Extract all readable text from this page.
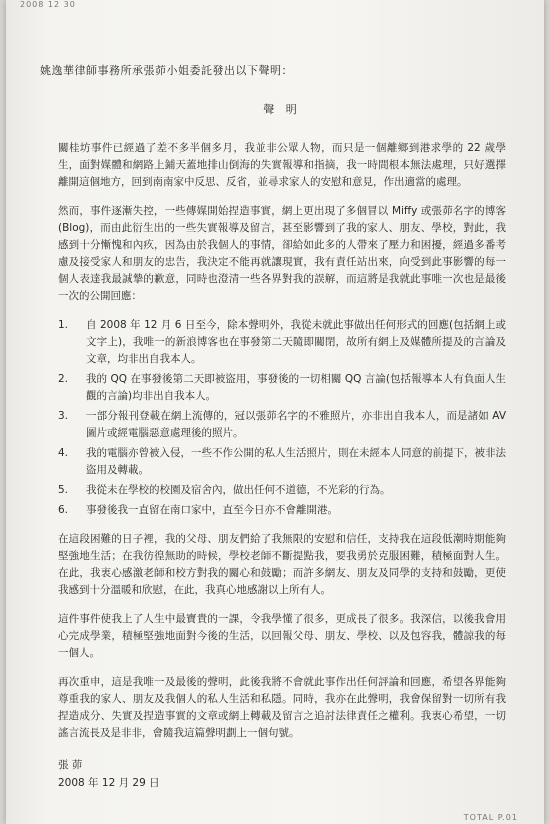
2008 12 30
姚逸華律師事務所承張茆小姐委託發出以下聲明：
聲 明

關桂坊事件已經過了差不多半個多月，我並非公眾人物，而只是一個離鄉到港求學的 22 歲學生，面對媒體和網路上鋪天蓋地排山倒海的失實報導和指摘，我一時間根本無法處理，只好選擇離開這個地方，回到南南家中反思、反省，並尋求家人的安慰和意見，作出適當的處理。

然而，事件逐漸失控，一些傳媒開始捏造事實，網上更出現了多個冒以 Miffy 或張茆名字的博客(Blog)，而由此衍生出的一些失實報導及留言，甚至影響到了我的家人、朋友、學校，對此，我感到十分慚愧和內疚，因為由於我個人的事情，卻給如此多的人帶來了壓力和困擾，經過多番考慮及接受家人和朋友的忠告，我決定不能再就讓現實，我有責任站出來，向受到此事影響的每一個人表達我最誠摯的歉意，同時也澄清一些各界對我的誤解，而這將是我就此事唯一次也是最後一次的公開回應：

1.	自 2008 年 12 月 6 日至今，除本聲明外，我從未就此事做出任何形式的回應(包括網上或文字上)，我唯一的新浪博客也在事發第二天隨即關閉，故所有網上及媒體所提及的言論及文章，均非出自我本人。
2.	我的 QQ 在事發後第二天即被盜用，事發後的一切相關 QQ 言論(包括報導本人有負面人生觀的言論)均非出自我本人。
3.	一部分報刊登載在網上流傳的，冠以張茆名字的不雅照片，亦非出自我本人，而是諸如 AV 圖片或經電腦惡意處理後的照片。
4.	我的電腦亦曾被入侵，一些不作公開的私人生活照片，則在未經本人同意的前提下，被非法盜用及轉載。
5.	我從未在學校的校園及宿舍內，做出任何不道德，不光彩的行為。
6.	事發後我一直留在南口家中，直至今日亦不會離開港。

在這段困難的日子裡，我的父母、朋友們給了我無限的安慰和信任，支持我在這段低潮時期能夠堅強地生活；在我彷徨無助的時候，學校老師不斷提點我，要我勇於克服困難，積極面對人生。在此，我衷心感激老師和校方對我的關心和鼓勵；而許多網友、朋友及同學的支持和鼓勵，更使我感到十分溫暖和欣慰，在此，我真心地感謝以上所有人。

這件事件使我上了人生中最寶貴的一課，令我學懂了很多，更成長了很多。我深信，以後我會用心完成學業，積極堅強地面對今後的生活，以回報父母、朋友、學校、以及包容我，體諒我的每一個人。

再次重申，這是我唯一及最後的聲明，此後我將不會就此事作出任何評論和回應，希望各界能夠尊重我的家人、朋友及我個人的私人生活和私隱。同時，我亦在此聲明，我會保留對一切所有我捏造成分、失實及捏造事實的文章或網上轉載及留言之追討法律責任之權利。我衷心希望，一切謠言流長及是非非，會隨我這篇聲明劃上一個句號。

張 茆
2008 年 12 月 29 日
TOTAL P.01
